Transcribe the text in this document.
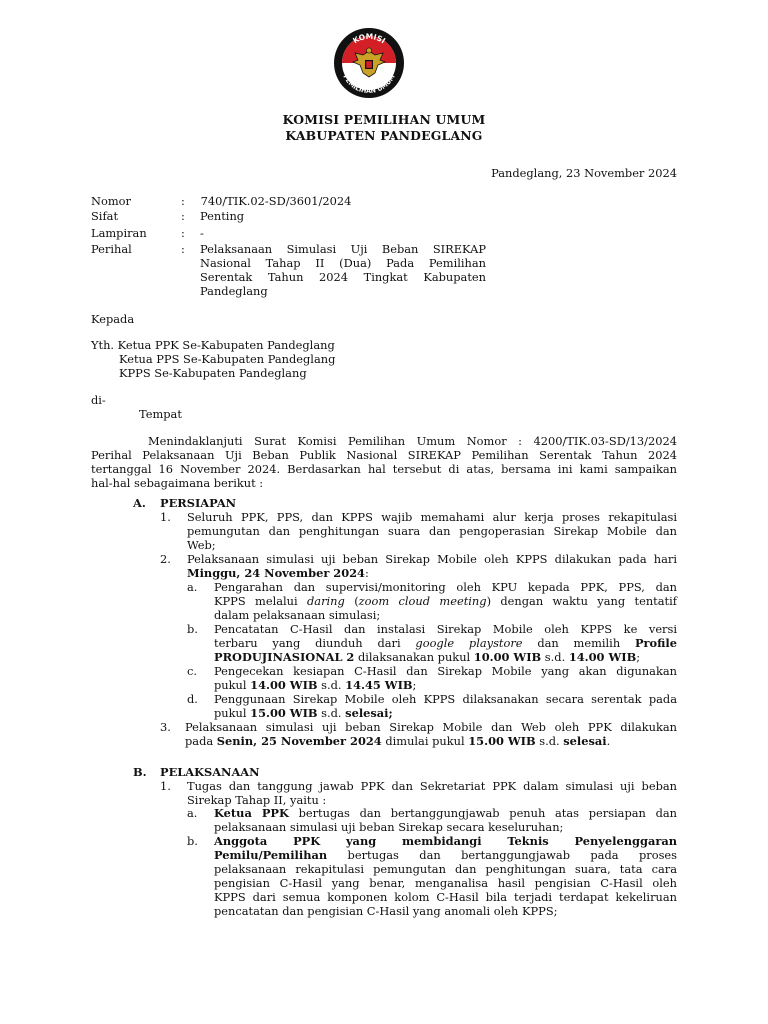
KOMISI
PEMILIHAN UMUM
KOMISI PEMILIHAN UMUM
KABUPATEN PANDEGLANG
Pandeglang, 23 November 2024
Nomor	: 740/TIK.02-SD/3601/2024
Sifat	: Penting
Lampiran	: -
Perihal	: Pelaksanaan Simulasi Uji Beban SIREKAP
Nasional Tahap II (Dua) Pada Pemilihan
Serentak Tahun 2024 Tingkat Kabupaten
Pandeglang
Kepada
Yth. Ketua PPK Se-Kabupaten Pandeglang
Ketua PPS Se-Kabupaten Pandeglang
KPPS Se-Kabupaten Pandeglang
di-
Tempat
Menindaklanjuti Surat Komisi Pemilihan Umum Nomor : 4200/TIK.03-SD/13/2024
Perihal Pelaksanaan Uji Beban Publik Nasional SIREKAP Pemilihan Serentak Tahun 2024
tertanggal 16 November 2024. Berdasarkan hal tersebut di atas, bersama ini kami sampaikan
hal-hal sebagaimana berikut :
A. PERSIAPAN
1. Seluruh PPK, PPS, dan KPPS wajib memahami alur kerja proses rekapitulasi
pemungutan dan penghitungan suara dan pengoperasian Sirekap Mobile dan
Web;
2. Pelaksanaan simulasi uji beban Sirekap Mobile oleh KPPS dilakukan pada hari
Minggu, 24 November 2024:
a. Pengarahan dan supervisi/monitoring oleh KPU kepada PPK, PPS, dan
KPPS melalui daring (zoom cloud meeting) dengan waktu yang tentatif
dalam pelaksanaan simulasi;
b. Pencatatan C-Hasil dan instalasi Sirekap Mobile oleh KPPS ke versi
terbaru yang diunduh dari google playstore dan memilih Profile
PRODUJINASIONAL 2 dilaksanakan pukul 10.00 WIB s.d. 14.00 WIB;
c. Pengecekan kesiapan C-Hasil dan Sirekap Mobile yang akan digunakan
pukul 14.00 WIB s.d. 14.45 WIB;
d. Penggunaan Sirekap Mobile oleh KPPS dilaksanakan secara serentak pada
pukul 15.00 WIB s.d. selesai;
3. Pelaksanaan simulasi uji beban Sirekap Mobile dan Web oleh PPK dilakukan
pada Senin, 25 November 2024 dimulai pukul 15.00 WIB s.d. selesai.
B. PELAKSANAAN
1. Tugas dan tanggung jawab PPK dan Sekretariat PPK dalam simulasi uji beban
Sirekap Tahap II, yaitu :
a. Ketua PPK bertugas dan bertanggungjawab penuh atas persiapan dan
pelaksanaan simulasi uji beban Sirekap secara keseluruhan;
b. Anggota PPK yang membidangi Teknis Penyelenggaran
Pemilu/Pemilihan bertugas dan bertanggungjawab pada proses
pelaksanaan rekapitulasi pemungutan dan penghitungan suara, tata cara
pengisian C-Hasil yang benar, menganalisa hasil pengisian C-Hasil oleh
KPPS dari semua komponen kolom C-Hasil bila terjadi terdapat kekeliruan
pencatatan dan pengisian C-Hasil yang anomali oleh KPPS;
